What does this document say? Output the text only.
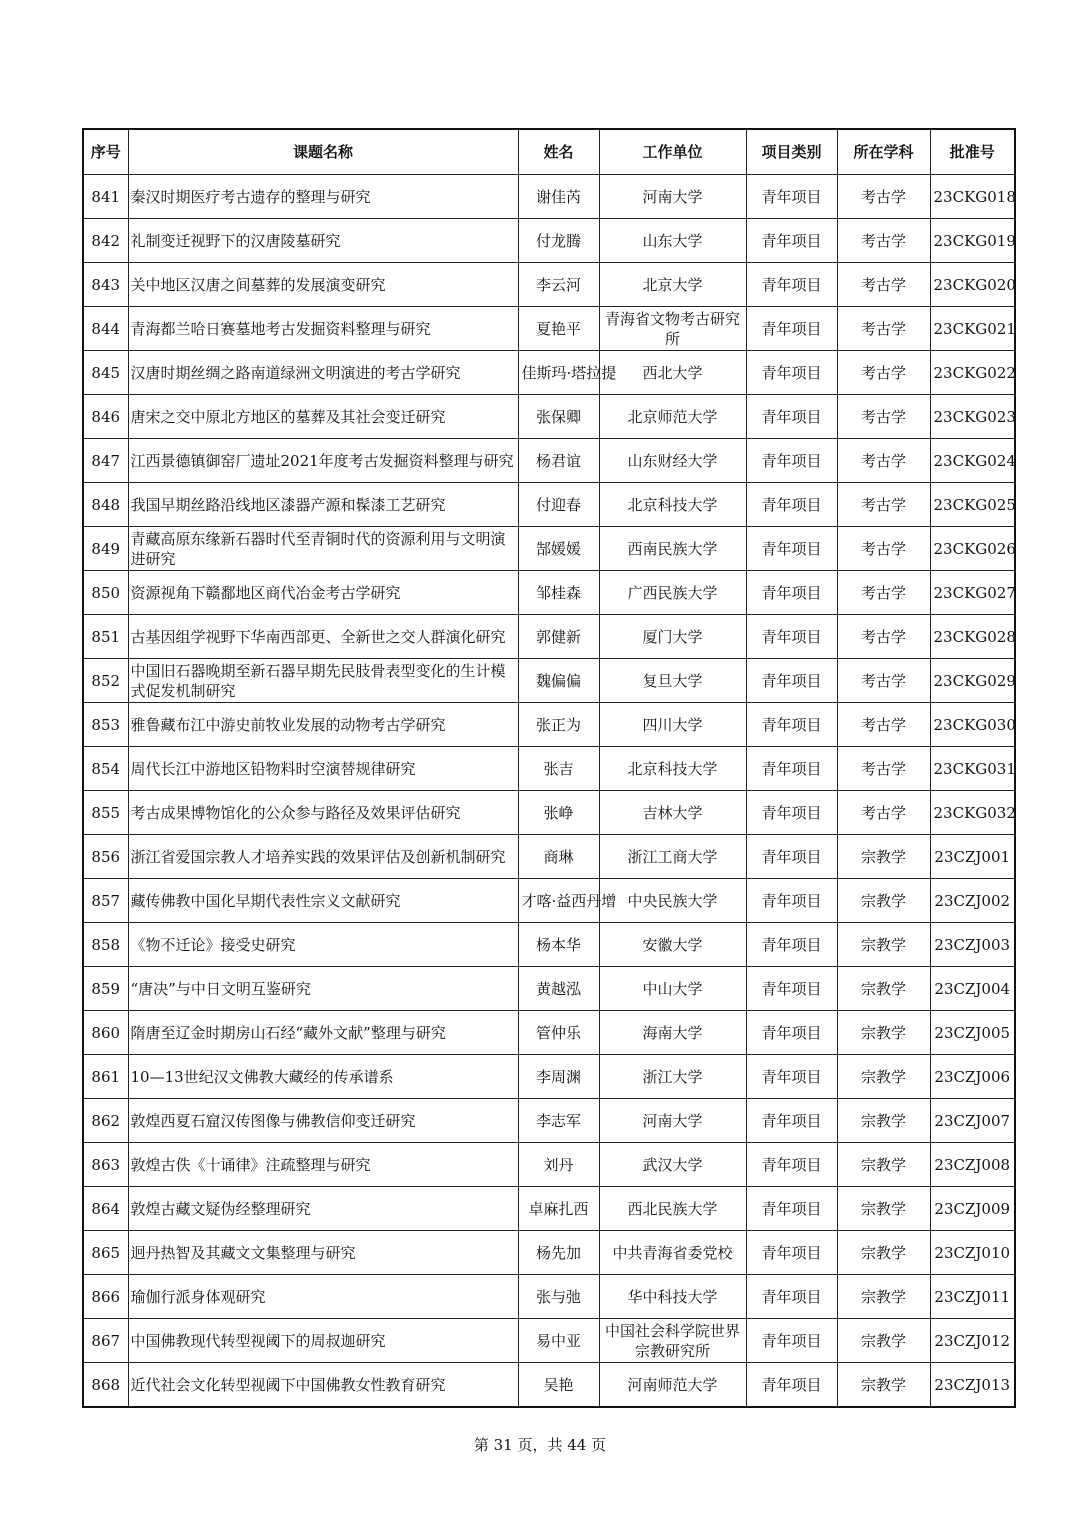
序号	课题名称	姓名	工作单位	项目类别	所在学科	批准号
841	秦汉时期医疗考古遗存的整理与研究	谢佳芮	河南大学	青年项目	考古学	23CKG018
842	礼制变迁视野下的汉唐陵墓研究	付龙腾	山东大学	青年项目	考古学	23CKG019
843	关中地区汉唐之间墓葬的发展演变研究	李云河	北京大学	青年项目	考古学	23CKG020
844	青海都兰哈日赛墓地考古发掘资料整理与研究	夏艳平	青海省文物考古研究所	青年项目	考古学	23CKG021
845	汉唐时期丝绸之路南道绿洲文明演进的考古学研究	佳斯玛·塔拉提	西北大学	青年项目	考古学	23CKG022
846	唐宋之交中原北方地区的墓葬及其社会变迁研究	张保卿	北京师范大学	青年项目	考古学	23CKG023
847	江西景德镇御窑厂遗址2021年度考古发掘资料整理与研究	杨君谊	山东财经大学	青年项目	考古学	23CKG024
848	我国早期丝路沿线地区漆器产源和髹漆工艺研究	付迎春	北京科技大学	青年项目	考古学	23CKG025
849	青藏高原东缘新石器时代至青铜时代的资源利用与文明演进研究	郜媛媛	西南民族大学	青年项目	考古学	23CKG026
850	资源视角下赣鄱地区商代冶金考古学研究	邹桂森	广西民族大学	青年项目	考古学	23CKG027
851	古基因组学视野下华南西部更、全新世之交人群演化研究	郭健新	厦门大学	青年项目	考古学	23CKG028
852	中国旧石器晚期至新石器早期先民肢骨表型变化的生计模式促发机制研究	魏偏偏	复旦大学	青年项目	考古学	23CKG029
853	雅鲁藏布江中游史前牧业发展的动物考古学研究	张正为	四川大学	青年项目	考古学	23CKG030
854	周代长江中游地区铅物料时空演替规律研究	张吉	北京科技大学	青年项目	考古学	23CKG031
855	考古成果博物馆化的公众参与路径及效果评估研究	张峥	吉林大学	青年项目	考古学	23CKG032
856	浙江省爱国宗教人才培养实践的效果评估及创新机制研究	商琳	浙江工商大学	青年项目	宗教学	23CZJ001
857	藏传佛教中国化早期代表性宗义文献研究	才喀·益西丹增	中央民族大学	青年项目	宗教学	23CZJ002
858	《物不迁论》接受史研究	杨本华	安徽大学	青年项目	宗教学	23CZJ003
859	“唐决”与中日文明互鉴研究	黄越泓	中山大学	青年项目	宗教学	23CZJ004
860	隋唐至辽金时期房山石经“藏外文献”整理与研究	管仲乐	海南大学	青年项目	宗教学	23CZJ005
861	10—13世纪汉文佛教大藏经的传承谱系	李周渊	浙江大学	青年项目	宗教学	23CZJ006
862	敦煌西夏石窟汉传图像与佛教信仰变迁研究	李志军	河南大学	青年项目	宗教学	23CZJ007
863	敦煌古佚《十诵律》注疏整理与研究	刘丹	武汉大学	青年项目	宗教学	23CZJ008
864	敦煌古藏文疑伪经整理研究	卓麻扎西	西北民族大学	青年项目	宗教学	23CZJ009
865	迥丹热智及其藏文文集整理与研究	杨先加	中共青海省委党校	青年项目	宗教学	23CZJ010
866	瑜伽行派身体观研究	张与弛	华中科技大学	青年项目	宗教学	23CZJ011
867	中国佛教现代转型视阈下的周叔迦研究	易中亚	中国社会科学院世界宗教研究所	青年项目	宗教学	23CZJ012
868	近代社会文化转型视阈下中国佛教女性教育研究	吴艳	河南师范大学	青年项目	宗教学	23CZJ013
第 31 页，共 44 页
